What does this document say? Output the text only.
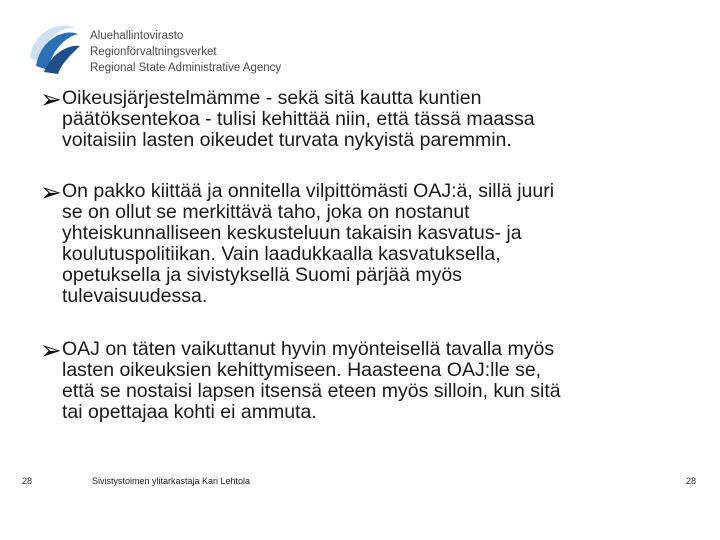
Aluehallintovirasto
Regionförvaltningsverket
Regional State Administrative Agency
➢ Oikeusjärjestelmämme - sekä sitä kautta kuntien
päätöksentekoa - tulisi kehittää niin, että tässä maassa
voitaisiin lasten oikeudet turvata nykyistä paremmin.
➢ On pakko kiittää ja onnitella vilpittömästi OAJ:ä, sillä juuri
se on ollut se merkittävä taho, joka on nostanut
yhteiskunnalliseen keskusteluun takaisin kasvatus- ja
koulutuspolitiikan. Vain laadukkaalla kasvatuksella,
opetuksella ja sivistyksellä Suomi pärjää myös
tulevaisuudessa.
➢ OAJ on täten vaikuttanut hyvin myönteisellä tavalla myös
lasten oikeuksien kehittymiseen. Haasteena OAJ:lle se,
että se nostaisi lapsen itsensä eteen myös silloin, kun sitä
tai opettajaa kohti ei ammuta.
28	Sivistystoimen ylitarkastaja Kari Lehtola	28
